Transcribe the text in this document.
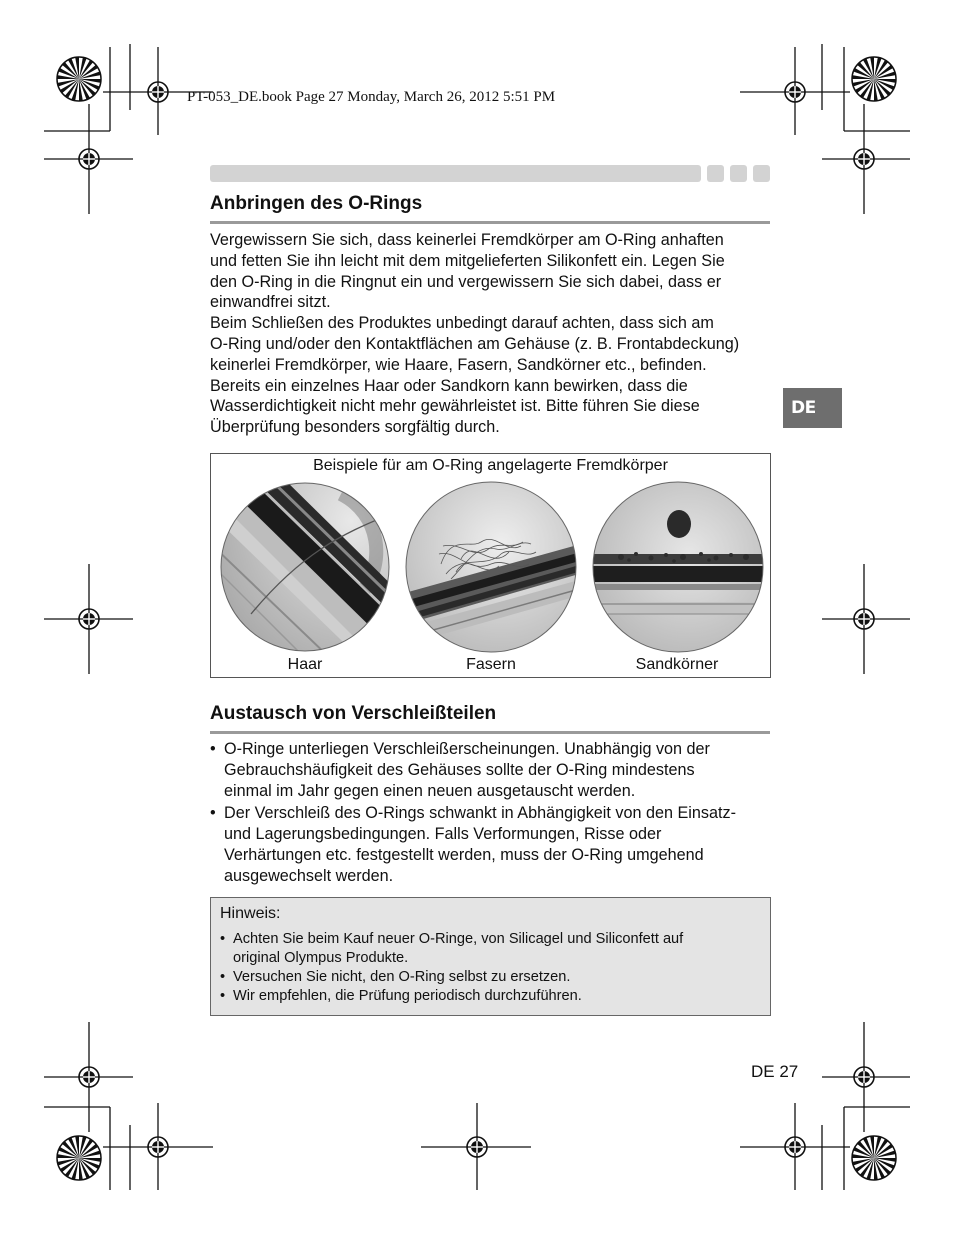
PT-053_DE.book Page 27 Monday, March 26, 2012 5:51 PM
Anbringen des O-Rings
Vergewissern Sie sich, dass keinerlei Fremdkörper am O-Ring anhaften
und fetten Sie ihn leicht mit dem mitgelieferten Silikonfett ein. Legen Sie
den O-Ring in die Ringnut ein und vergewissern Sie sich dabei, dass er
einwandfrei sitzt.
Beim Schließen des Produktes unbedingt darauf achten, dass sich am
O-Ring und/oder den Kontaktflächen am Gehäuse (z. B. Frontabdeckung)
keinerlei Fremdkörper, wie Haare, Fasern, Sandkörner etc., befinden.
Bereits ein einzelnes Haar oder Sandkorn kann bewirken, dass die
Wasserdichtigkeit nicht mehr gewährleistet ist. Bitte führen Sie diese
Überprüfung besonders sorgfältig durch.
DE
Beispiele für am O-Ring angelagerte Fremdkörper
Haar	Fasern	Sandkörner
Austausch von Verschleißteilen
• O-Ringe unterliegen Verschleißerscheinungen. Unabhängig von der
Gebrauchshäufigkeit des Gehäuses sollte der O-Ring mindestens
einmal im Jahr gegen einen neuen ausgetauscht werden.
• Der Verschleiß des O-Rings schwankt in Abhängigkeit von den Einsatz-
und Lagerungsbedingungen. Falls Verformungen, Risse oder
Verhärtungen etc. festgestellt werden, muss der O-Ring umgehend
ausgewechselt werden.
Hinweis:
• Achten Sie beim Kauf neuer O-Ringe, von Silicagel und Siliconfett auf
original Olympus Produkte.
• Versuchen Sie nicht, den O-Ring selbst zu ersetzen.
• Wir empfehlen, die Prüfung periodisch durchzuführen.
DE 27
